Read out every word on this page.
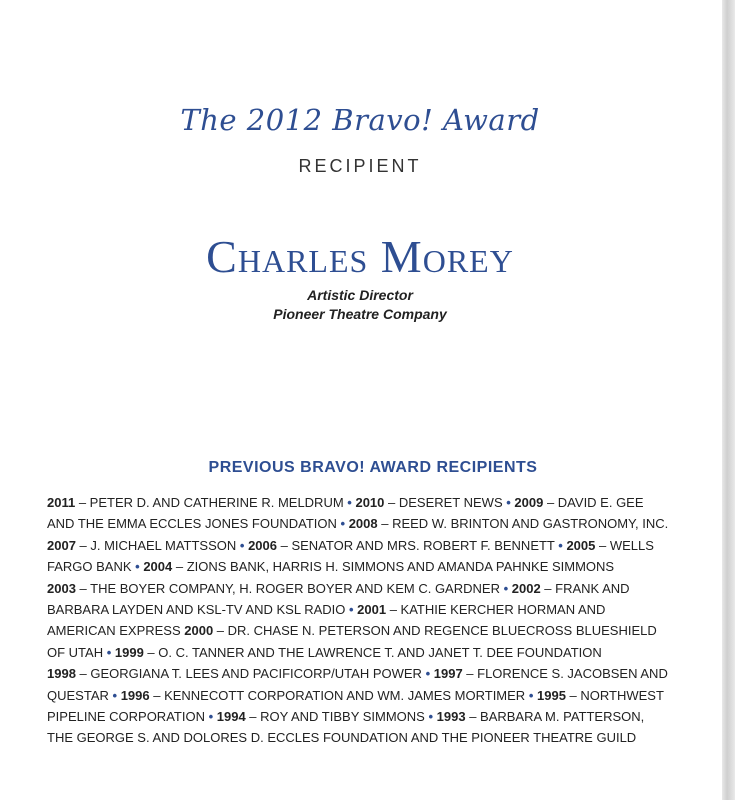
The 2012 Bravo! Award
RECIPIENT
Charles Morey
Artistic Director
Pioneer Theatre Company
PREVIOUS BRAVO! AWARD RECIPIENTS
2011 – PETER D. AND CATHERINE R. MELDRUM • 2010 – DESERET NEWS • 2009 – DAVID E. GEE
AND THE EMMA ECCLES JONES FOUNDATION • 2008 – REED W. BRINTON AND GASTRONOMY, INC.
2007 – J. MICHAEL MATTSSON • 2006 – SENATOR AND MRS. ROBERT F. BENNETT • 2005 – WELLS
FARGO BANK • 2004 – ZIONS BANK, HARRIS H. SIMMONS AND AMANDA PAHNKE SIMMONS
2003 – THE BOYER COMPANY, H. ROGER BOYER AND KEM C. GARDNER • 2002 – FRANK AND
BARBARA LAYDEN AND KSL-TV AND KSL RADIO • 2001 – KATHIE KERCHER HORMAN AND
AMERICAN EXPRESS 2000 – DR. CHASE N. PETERSON AND REGENCE BLUECROSS BLUESHIELD
OF UTAH • 1999 – O. C. TANNER AND THE LAWRENCE T. AND JANET T. DEE FOUNDATION
1998 – GEORGIANA T. LEES AND PACIFICORP/UTAH POWER • 1997 – FLORENCE S. JACOBSEN AND
QUESTAR • 1996 – KENNECOTT CORPORATION AND WM. JAMES MORTIMER • 1995 – NORTHWEST
PIPELINE CORPORATION • 1994 – ROY AND TIBBY SIMMONS • 1993 – BARBARA M. PATTERSON,
THE GEORGE S. AND DOLORES D. ECCLES FOUNDATION AND THE PIONEER THEATRE GUILD
